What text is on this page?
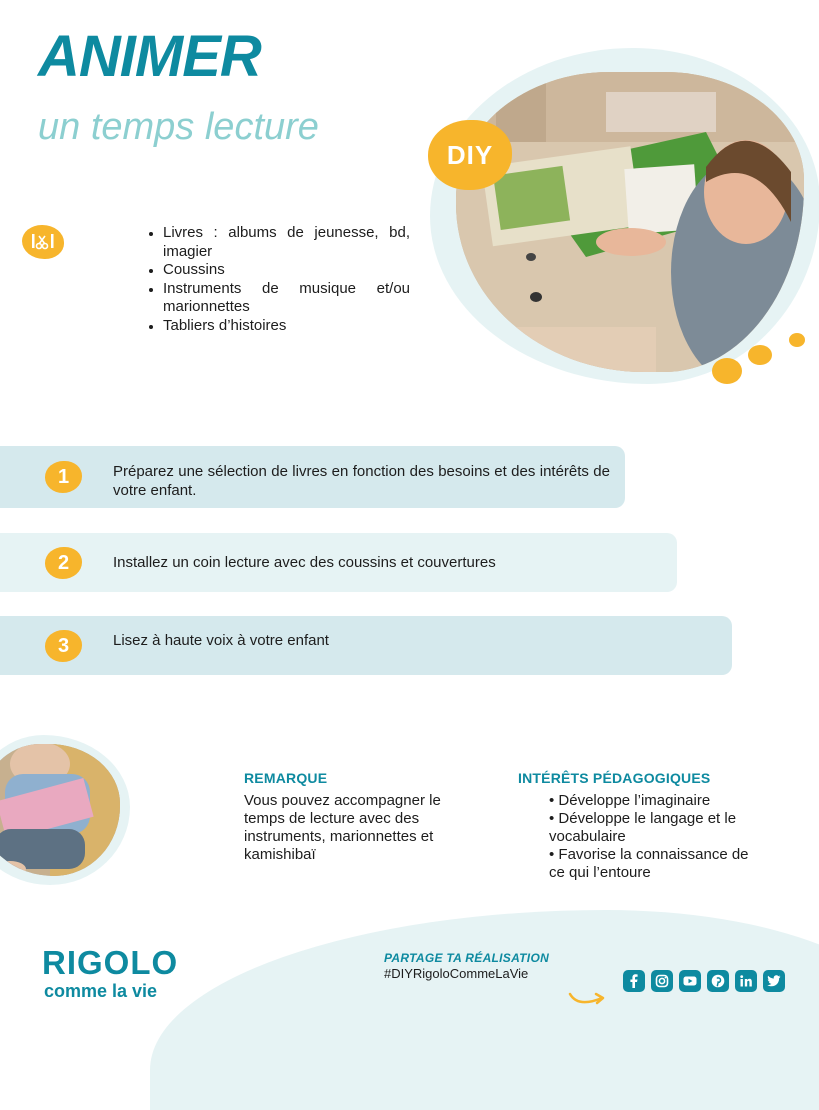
ANIMER
un temps lecture
DIY
• Livres : albums de jeunesse, bd, imagier
• Coussins
• Instruments de musique et/ou marionnettes
• Tabliers d’histoires
1	Préparez une sélection de livres en fonction des besoins et des intérêts de votre enfant.
2	Installez un coin lecture avec des coussins et couvertures
3	Lisez à haute voix à votre enfant
REMARQUE
Vous pouvez accompagner le temps de lecture avec des instruments, marionnettes et kamishibaï
INTÉRÊTS PÉDAGOGIQUES
• Développe l’imaginaire
• Développe le langage et le vocabulaire
• Favorise la connaissance de ce qui l’entoure
RIGOLO
comme la vie
PARTAGE TA RÉALISATION
#DIYRigoloCommeLaVie
